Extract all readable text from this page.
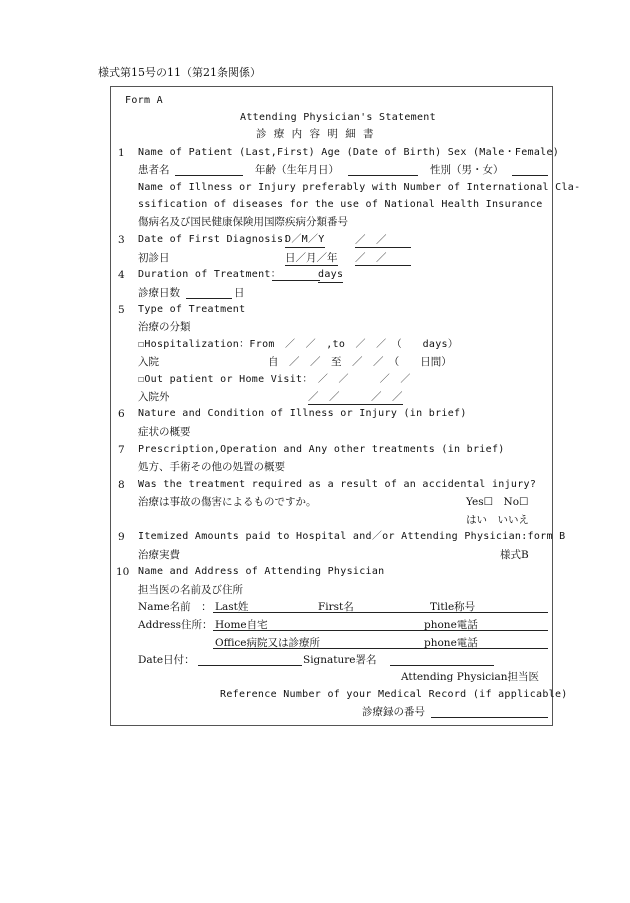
様式第15号の11（第21条関係）
Form A
Attending Physician's Statement
診 療 内 容 明 細 書
1 Name of Patient (Last,First) Age (Date of Birth) Sex (Male・Female)
患者名	年齢（生年月日）	性別（男・女）
Name of Illness or Injury preferably with Number of International Cla-
ssification of diseases for the use of National Health Insurance
傷病名及び国民健康保険用国際疾病分類番号
3 Date of First Diagnosis：
D／M／Y	／　／
初診日	日／月／年 ／　／
4 Duration of Treatment：	days
診療日数	日
5 Type of Treatment
治療の分類
☐Hospitalization：From　／　／　,to　／　／　（　　days）
入院	自　／　／　至　／　／　（　　日間）
☐Out patient or Home Visit：　／　／　　　／　／
入院外	／　／　　　／　／
6 Nature and Condition of Illness or Injury (in brief)
症状の概要
7 Prescription,Operation and Any other treatments (in brief)
処方、手術その他の処置の概要
8 Was the treatment required as a result of an accidental injury?
治療は事故の傷害によるものですか。	Yes☐　No☐
はい　いいえ
9 Itemized Amounts paid to Hospital and／or Attending Physician:form B
治療実費	様式B
10 Name and Address of Attending Physician
担当医の名前及び住所
Name名前　： Last姓	First名	Title称号
Address住所： Home自宅	phone電話
Office病院又は診療所	phone電話
Date日付：	Signature署名
Attending Physician担当医
Reference Number of your Medical Record (if applicable)
診療録の番号
